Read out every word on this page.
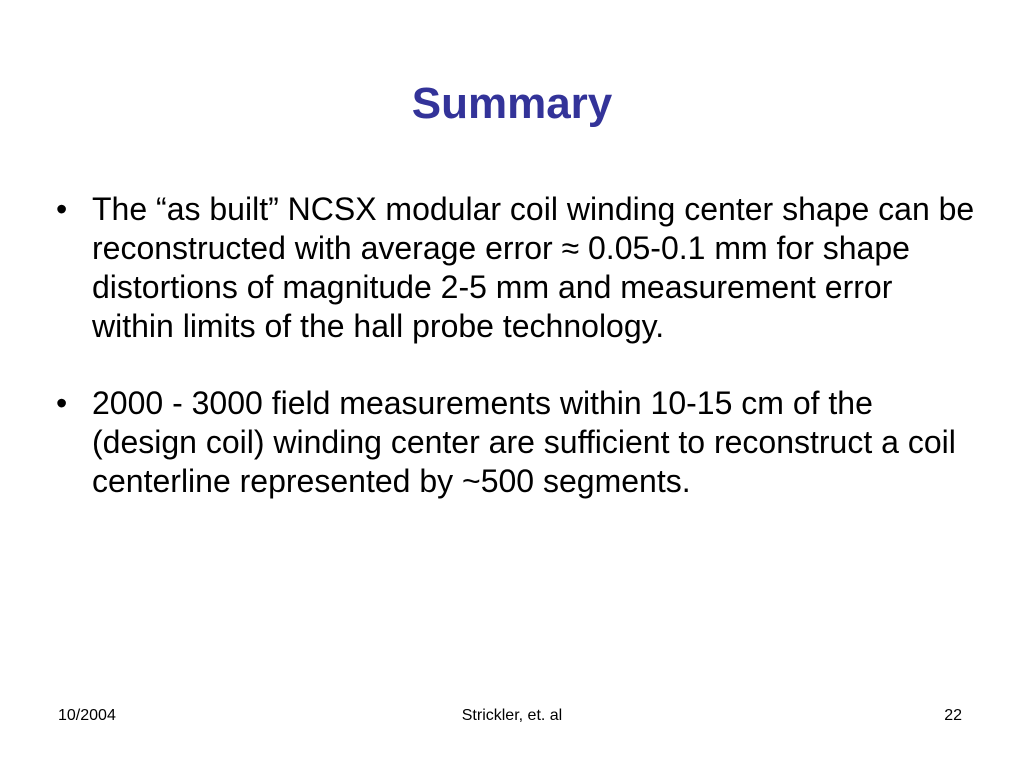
Summary
• The “as built” NCSX modular coil winding center shape can be reconstructed with average error ≈ 0.05-0.1 mm for shape distortions of magnitude 2-5 mm and measurement error within limits of the hall probe technology.
• 2000 - 3000 field measurements within 10-15 cm of the (design coil) winding center are sufficient to reconstruct a coil centerline represented by ~500 segments.
10/2004	Strickler, et. al	22
